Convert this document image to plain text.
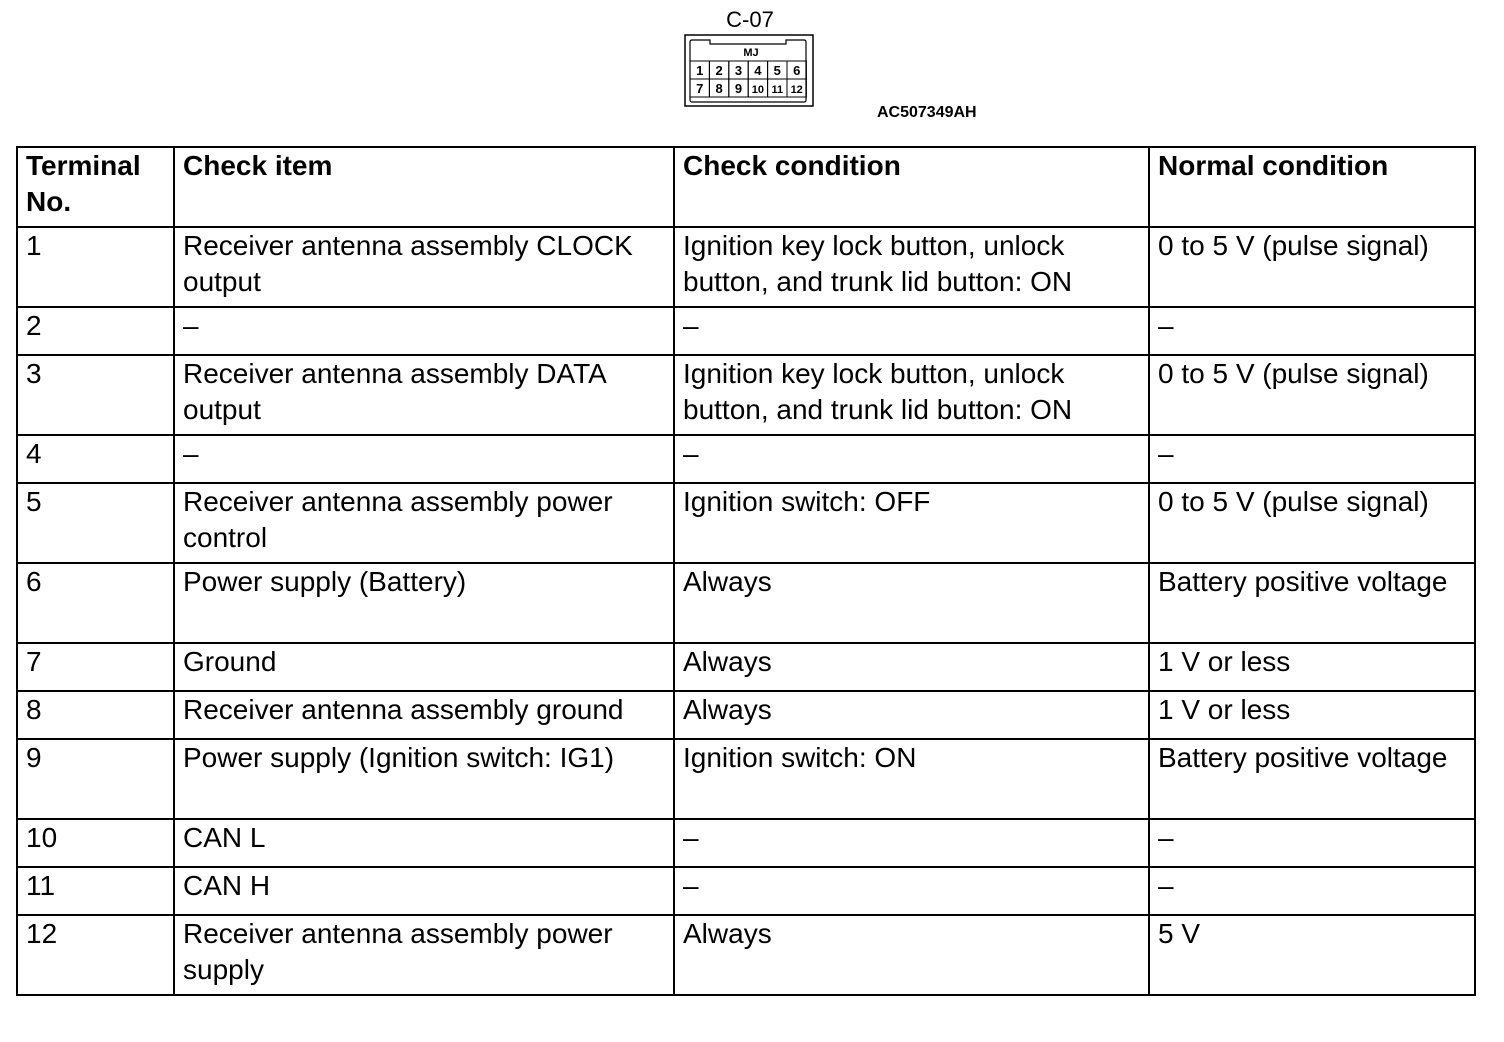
C-07
MJ
1 2 3 4 5 6
7 8 9 10 11 12
AC507349AH
Terminal No.	Check item	Check condition	Normal condition
1	Receiver antenna assembly CLOCK output	Ignition key lock button, unlock button, and trunk lid button: ON	0 to 5 V (pulse signal)
2	–	–	–
3	Receiver antenna assembly DATA output	Ignition key lock button, unlock button, and trunk lid button: ON	0 to 5 V (pulse signal)
4	–	–	–
5	Receiver antenna assembly power control	Ignition switch: OFF	0 to 5 V (pulse signal)
6	Power supply (Battery)	Always	Battery positive voltage
7	Ground	Always	1 V or less
8	Receiver antenna assembly ground	Always	1 V or less
9	Power supply (Ignition switch: IG1)	Ignition switch: ON	Battery positive voltage
10	CAN L	–	–
11	CAN H	–	–
12	Receiver antenna assembly power supply	Always	5 V
